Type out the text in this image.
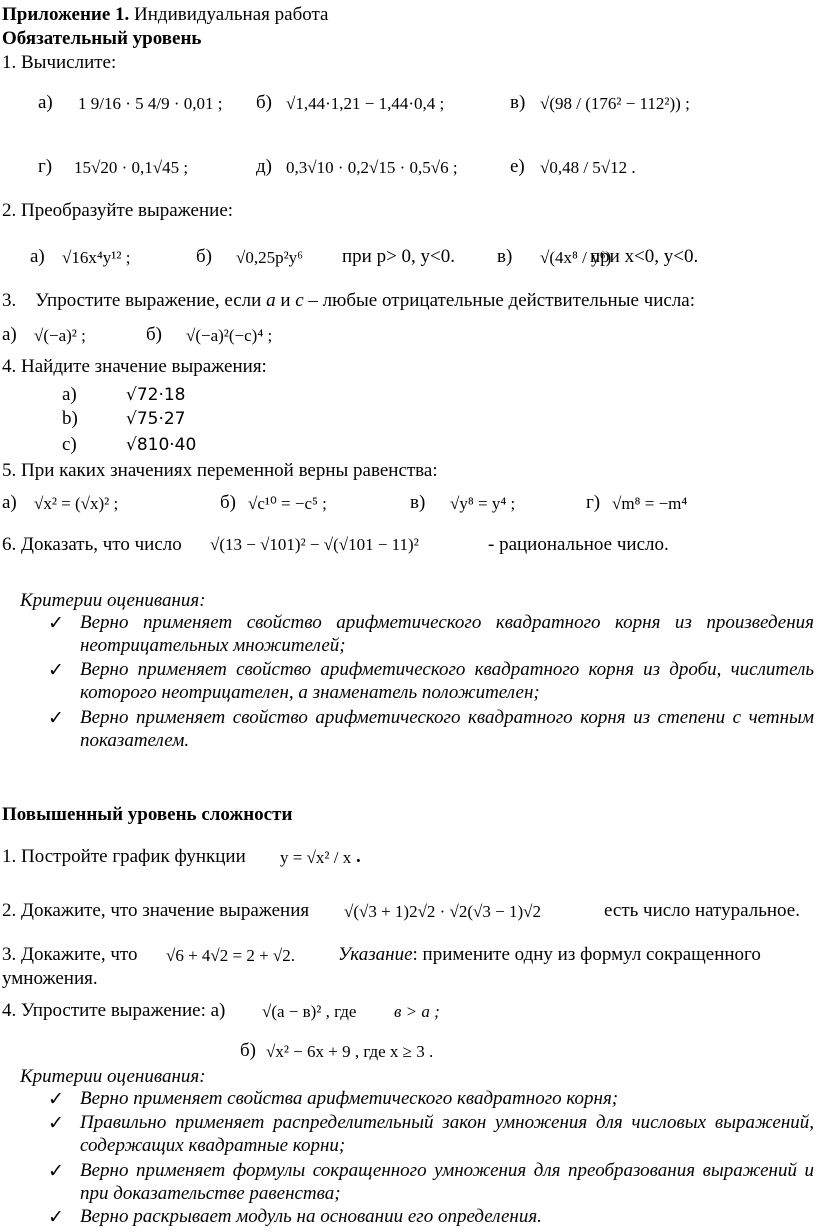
Приложение 1. Индивидуальная работа
Обязательный уровень
1. Вычислите:
а) 1 9/16 · 5 4/9 · 0,01 ; б) √1,44·1,21 − 1,44·0,4 ;	в) √(98 / (176² − 112²)) ;
г) 15√20 · 0,1√45 ;	д) 0,3√10 · 0,2√15 · 0,5√6 ;	е) √0,48 / 5√12 .
2. Преобразуйте выражение:
а) √16x⁴y¹² ;	б) √0,25p²y⁶ при р> 0, у<0. в) √(4x⁸ / y⁶)
при х<0, у<0.
3. Упростите выражение, если а и с – любые отрицательные действительные числа:
а) √(−a)² ;	б) √(−a)²(−c)⁴ ;
4. Найдите значение выражения:
а)	√72·18
b)	√75·27
c)	√810·40
5. При каких значениях переменной верны равенства:
а) √x² = (√x)² ;	б) √c¹⁰ = −c⁵ ;	в) √y⁸ = y⁴ ;	г) √m⁸ = −m⁴
6. Доказать, что число √(13 − √101)² − √(√101 − 11)²	- рациональное число.
Критерии оценивания:
✓ Верно применяет свойство арифметического квадратного корня из произведения неотрицательных множителей;
✓ Верно применяет свойство арифметического квадратного корня из дроби, числитель которого неотрицателен, а знаменатель положителен;
✓ Верно применяет свойство арифметического квадратного корня из степени с четным показателем.
Повышенный уровень сложности
1. Постройте график функции y = √x² / x .
2. Докажите, что значение выражения √(√3 + 1)2√2 · √2(√3 − 1)√2	есть число натуральное.
3. Докажите, что √6 + 4√2 = 2 + √2. Указание: примените одну из формул сокращенного
умножения.
4. Упростите выражение: а) √(a − в)² , где в > а ;
б) √x² − 6x + 9 , где x ≥ 3 .
Критерии оценивания:
✓ Верно применяет свойства арифметического квадратного корня;
✓ Правильно применяет распределительный закон умножения для числовых выражений, содержащих квадратные корни;
✓ Верно применяет формулы сокращенного умножения для преобразования выражений и при доказательстве равенства;
✓ Верно раскрывает модуль на основании его определения.
